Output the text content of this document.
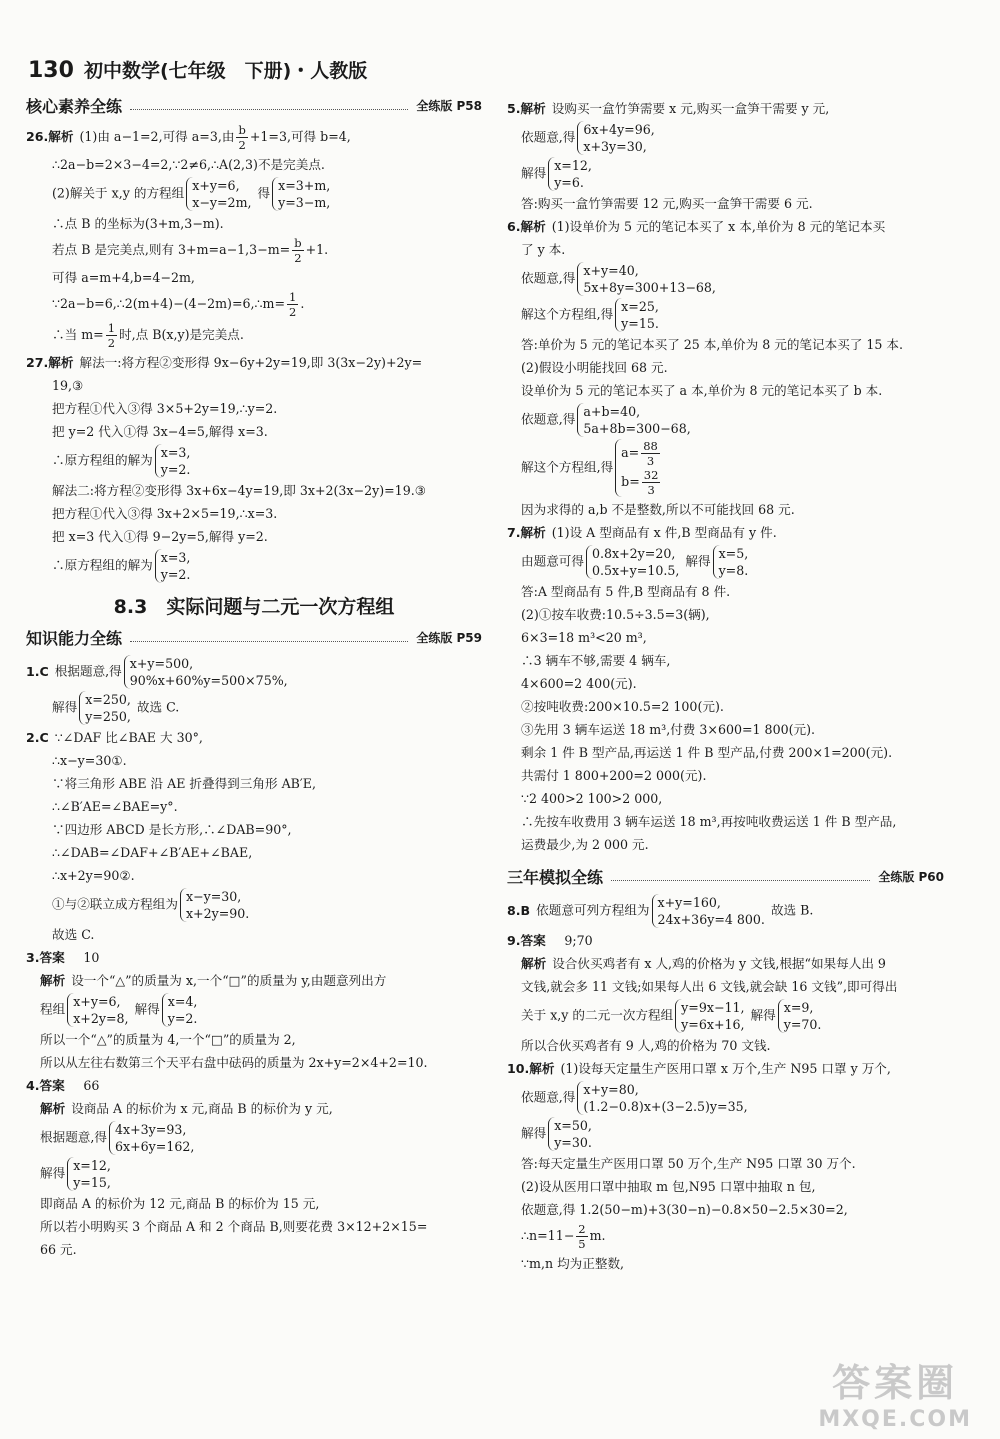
130 初中数学(七年级　下册)・人教版
核心素养全练	全练版 P58
26.解析 (1)由 a−1=2,可得 a=3,由 $\frac{b}{2} +1=3$,可得 b=4,
∴2a−b=2×3−4=2,∵2≠6,∴A(2,3)不是完美点.
(2)解关于 x,y 的方程组 x+y=6,
x−y=2m,
得 x=3+m,
y=3−m,
∴点 B 的坐标为(3+m,3−m).
若点 B 是完美点,则有 $3+m=a-1,3-m= \frac{b}{2} +1$.
可得 a=m+4,b=4−2m,
∵2a−b=6,∴2(m+4)−(4−2m)=6,∴m= $\frac{1}{2}$ .
∴当 $m= \frac{1}{2}$ 时,点 B(x,y)是完美点.
27.解析 解法一:将方程②变形得 9x−6y+2y=19,即 3(3x−2y)+2y=
19,③
把方程①代入③得 3×5+2y=19,∴y=2.
把 y=2 代入①得 3x−4=5,解得 x=3.
∴原方程组的解为 x=3,
y=2.
解法二:将方程②变形得 3x+6x−4y=19,即 3x+2(3x−2y)=19.③
把方程①代入③得 3x+2×5=19,∴x=3.
把 x=3 代入①得 9−2y=5,解得 y=2.
∴原方程组的解为 x=3,
y=2.
8.3　 实际问题与二元一次方程组
知识能力全练	全练版 P59
1.C 根据题意,得 x+y=500,
90%x+60%y=500×75%,
解得 x=250,
y=250,
故选 C.
2.C ∵∠DAF 比∠BAE 大 30°,
∴x−y=30①.
∵将三角形 ABE 沿 AE 折叠得到三角形 AB′E,
∴∠B′AE=∠BAE=y°.
∵四边形 ABCD 是长方形,∴∠DAB=90°,
∴∠DAB=∠DAF+∠B′AE+∠BAE,
∴x+2y=90②.
①与②联立成方程组为 x−y=30,
x+2y=90.
故选 C.
3.答案　 10
解析 设一个“△”的质量为 x,一个“□”的质量为 y,由题意列出方
程组 x+y=6,
x+2y=8,
解得 x=4,
y=2.
所以一个“△”的质量为 4,一个“□”的质量为 2,
所以从左往右数第三个天平右盘中砝码的质量为 2x+y=2×4+2=10.
4.答案　 66
解析 设商品 A 的标价为 x 元,商品 B 的标价为 y 元,
根据题意,得 4x+3y=93,
6x+6y=162,
解得 x=12,
y=15,
即商品 A 的标价为 12 元,商品 B 的标价为 15 元,
所以若小明购买 3 个商品 A 和 2 个商品 B,则要花费 3×12+2×15=
66 元.
5.解析 设购买一盒竹笋需要 x 元,购买一盒笋干需要 y 元,
依题意,得 6x+4y=96,
x+3y=30,
解得 x=12,
y=6.
答:购买一盒竹笋需要 12 元,购买一盒笋干需要 6 元.
6.解析 (1)设单价为 5 元的笔记本买了 x 本,单价为 8 元的笔记本买
了 y 本.
依题意,得 x+y=40,
5x+8y=300+13−68,
解这个方程组,得 x=25,
y=15.
答:单价为 5 元的笔记本买了 25 本,单价为 8 元的笔记本买了 15 本.
(2)假设小明能找回 68 元.
设单价为 5 元的笔记本买了 a 本,单价为 8 元的笔记本买了 b 本.
依题意,得 a+b=40,
5a+8b=300−68,
解这个方程组,得
$a= \frac{88}{3}$
$b= \frac{32}{3}$
因为求得的 a,b 不是整数,所以不可能找回 68 元.
7.解析 (1)设 A 型商品有 x 件,B 型商品有 y 件.
由题意可得 0.8x+2y=20,
0.5x+y=10.5,
解得 x=5,
y=8.
答:A 型商品有 5 件,B 型商品有 8 件.
(2)①按车收费:10.5÷3.5=3(辆),
6×3=18 m³<20 m³,
∴3 辆车不够,需要 4 辆车,
4×600=2 400(元).
②按吨收费:200×10.5=2 100(元).
③先用 3 辆车运送 18 m³,付费 3×600=1 800(元).
剩余 1 件 B 型产品,再运送 1 件 B 型产品,付费 200×1=200(元).
共需付 1 800+200=2 000(元).
∵2 400>2 100>2 000,
∴先按车收费用 3 辆车运送 18 m³,再按吨收费运送 1 件 B 型产品,
运费最少,为 2 000 元.
三年模拟全练	全练版 P60
8.B 依题意可列方程组为 x+y=160,
24x+36y=4 800.
故选 B.
9.答案　 9;70
解析 设合伙买鸡者有 x 人,鸡的价格为 y 文钱,根据“如果每人出 9
文钱,就会多 11 文钱;如果每人出 6 文钱,就会缺 16 文钱”,即可得出
关于 x,y 的二元一次方程组 y=9x−11,
y=6x+16,
解得 x=9,
y=70.
所以合伙买鸡者有 9 人,鸡的价格为 70 文钱.
10.解析 (1)设每天定量生产医用口罩 x 万个,生产 N95 口罩 y 万个,
依题意,得 x+y=80,
(1.2−0.8)x+(3−2.5)y=35,
解得 x=50,
y=30.
答:每天定量生产医用口罩 50 万个,生产 N95 口罩 30 万个.
(2)设从医用口罩中抽取 m 包,N95 口罩中抽取 n 包,
依题意,得 1.2(50−m)+3(30−n)−0.8×50−2.5×30=2,
∴n=11− $\frac{2}{5} m$.
∵m,n 均为正整数,
答案圈
MXQE.COM
